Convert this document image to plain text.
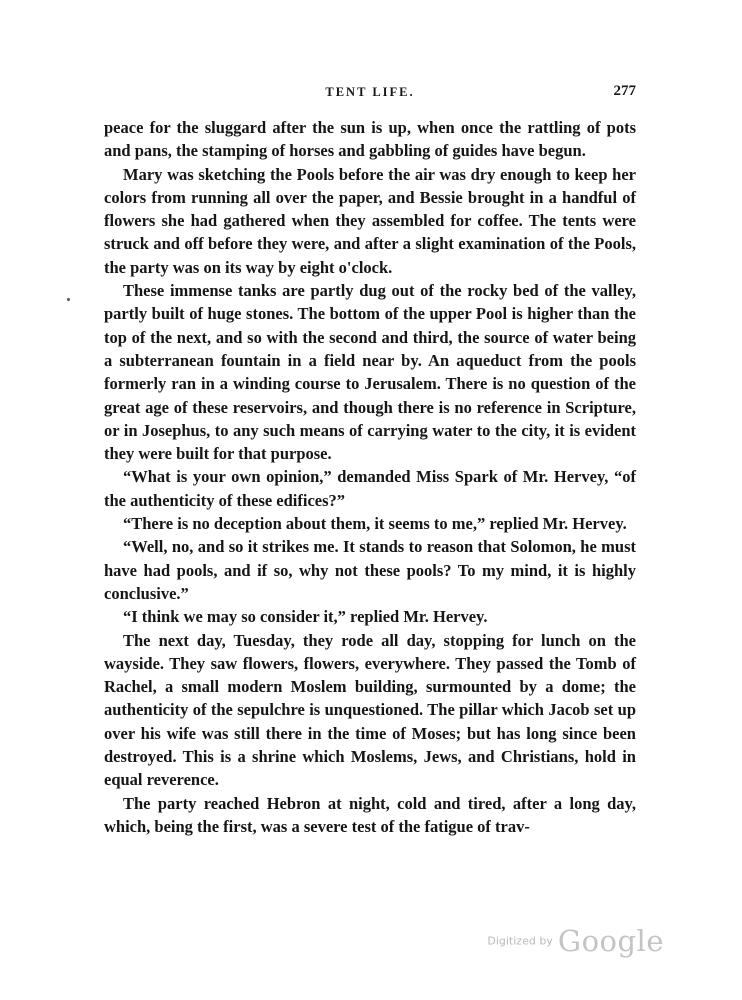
TENT LIFE.	277

peace for the sluggard after the sun is up, when once the rattling of pots and pans, the stamping of horses and gabbling of guides have begun.

Mary was sketching the Pools before the air was dry enough to keep her colors from running all over the paper, and Bessie brought in a handful of flowers she had gathered when they assembled for coffee. The tents were struck and off before they were, and after a slight examination of the Pools, the party was on its way by eight o'clock.

These immense tanks are partly dug out of the rocky bed of the valley, partly built of huge stones. The bottom of the upper Pool is higher than the top of the next, and so with the second and third, the source of water being a subterranean fountain in a field near by. An aqueduct from the pools formerly ran in a winding course to Jerusalem. There is no question of the great age of these reservoirs, and though there is no reference in Scripture, or in Josephus, to any such means of carrying water to the city, it is evident they were built for that purpose.

“What is your own opinion,” demanded Miss Spark of Mr. Hervey, “of the authenticity of these edifices?”

“There is no deception about them, it seems to me,” replied Mr. Hervey.

“Well, no, and so it strikes me. It stands to reason that Solomon, he must have had pools, and if so, why not these pools? To my mind, it is highly conclusive.”

“I think we may so consider it,” replied Mr. Hervey.

The next day, Tuesday, they rode all day, stopping for lunch on the wayside. They saw flowers, flowers, everywhere. They passed the Tomb of Rachel, a small modern Moslem building, surmounted by a dome; the authenticity of the sepulchre is unquestioned. The pillar which Jacob set up over his wife was still there in the time of Moses; but has long since been destroyed. This is a shrine which Moslems, Jews, and Christians, hold in equal reverence.

The party reached Hebron at night, cold and tired, after a long day, which, being the first, was a severe test of the fatigue of trav-

Digitized by Google
